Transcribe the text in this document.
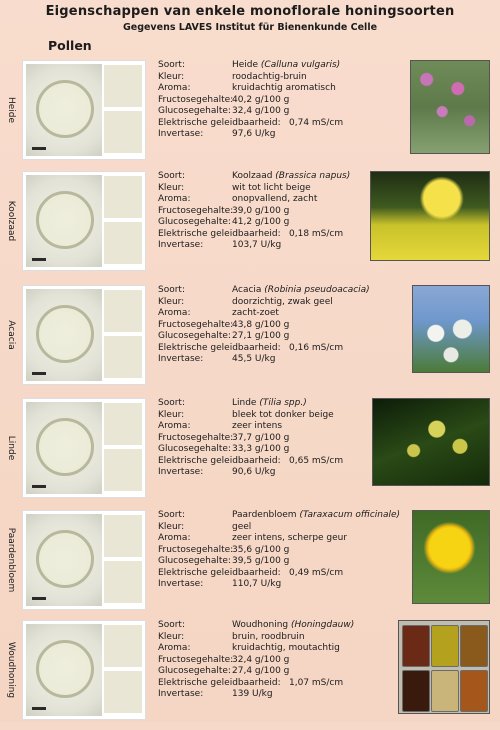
Eigenschappen van enkele monoflorale honingsoorten
Gegevens LAVES Institut für Bienenkunde Celle
Pollen
Heide
Soort:	Heide (Calluna vulgaris)
Kleur:	roodachtig-bruin
Aroma:	kruidachtig aromatisch
Fructosegehalte:
40,2 g/100 g
Glucosegehalte: 32,4 g/100 g
Elektrische geleidbaarheid: 0,74 mS/cm
Invertase:	97,6 U/kg
Koolzaad
Soort:	Koolzaad (Brassica napus)
Kleur:	wit tot licht beige
Aroma:	onopvallend, zacht
Fructosegehalte:
39,0 g/100 g
Glucosegehalte: 41,2 g/100 g
Elektrische geleidbaarheid: 0,18 mS/cm
Invertase:	103,7 U/kg
Acacia
Soort:	Acacia (Robinia pseudoacacia)
Kleur:	doorzichtig, zwak geel
Aroma:	zacht-zoet
Fructosegehalte:
43,8 g/100 g
Glucosegehalte: 27,1 g/100 g
Elektrische geleidbaarheid: 0,16 mS/cm
Invertase:	45,5 U/kg
Linde
Soort:	Linde (Tilia spp.)
Kleur:	bleek tot donker beige
Aroma:	zeer intens
Fructosegehalte:
37,7 g/100 g
Glucosegehalte: 33,3 g/100 g
Elektrische geleidbaarheid: 0,65 mS/cm
Invertase:	90,6 U/kg
Paardenbloem
Soort:	Paardenbloem (Taraxacum officinale)
Kleur:	geel
Aroma:	zeer intens, scherpe geur
Fructosegehalte:
35,6 g/100 g
Glucosegehalte: 39,5 g/100 g
Elektrische geleidbaarheid: 0,49 mS/cm
Invertase:	110,7 U/kg
Woudhoning
Soort:	Woudhoning (Honingdauw)
Kleur:	bruin, roodbruin
Aroma:	kruidachtig, moutachtig
Fructosegehalte:
32,4 g/100 g
Glucosegehalte: 27,4 g/100 g
Elektrische geleidbaarheid: 1,07 mS/cm
Invertase:	139 U/kg
